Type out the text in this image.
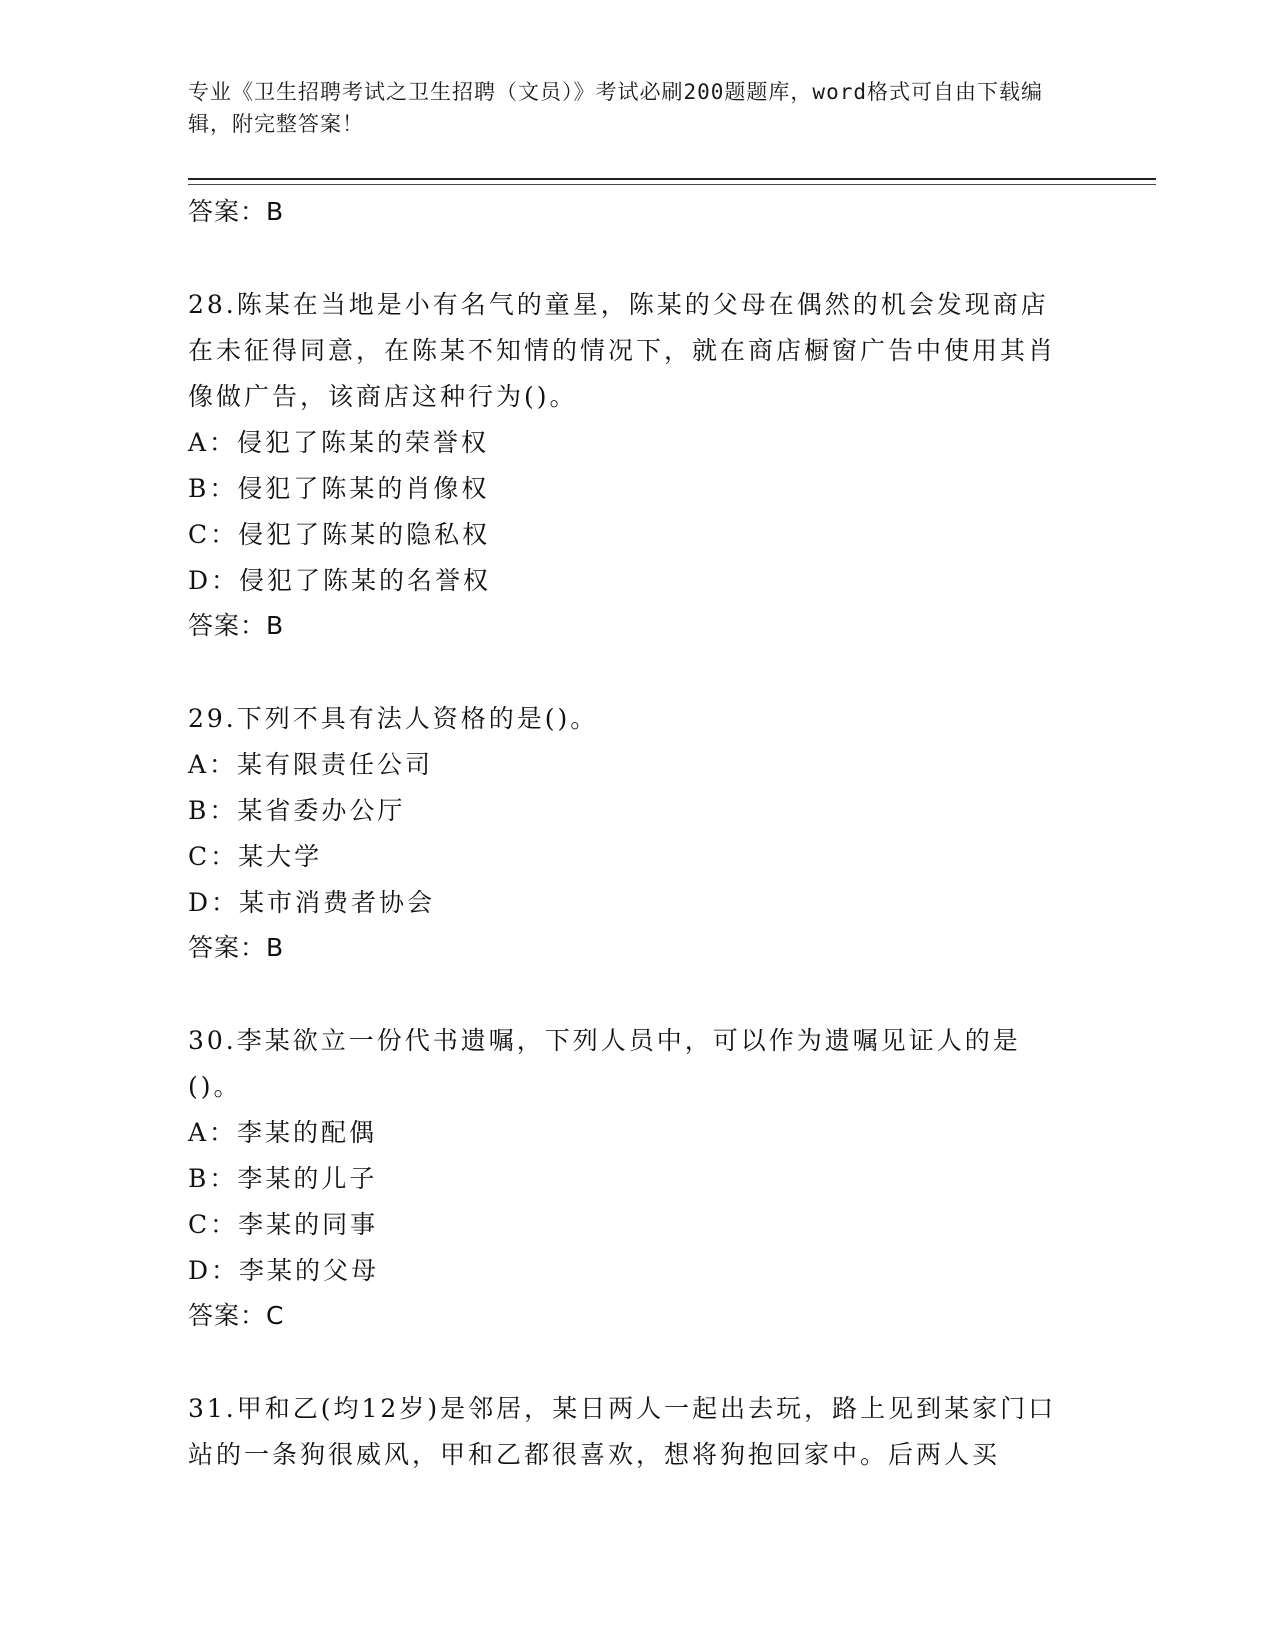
专业《卫生招聘考试之卫生招聘（文员）》考试必刷200题题库，word格式可自由下载编辑，附完整答案！
答案：B
28.陈某在当地是小有名气的童星，陈某的父母在偶然的机会发现商店在未征得同意，在陈某不知情的情况下，就在商店橱窗广告中使用其肖像做广告，该商店这种行为()。
A：侵犯了陈某的荣誉权
B：侵犯了陈某的肖像权
C：侵犯了陈某的隐私权
D：侵犯了陈某的名誉权
答案：B
29.下列不具有法人资格的是()。
A：某有限责任公司
B：某省委办公厅
C：某大学
D：某市消费者协会
答案：B
30.李某欲立一份代书遗嘱，下列人员中，可以作为遗嘱见证人的是()。
A：李某的配偶
B：李某的儿子
C：李某的同事
D：李某的父母
答案：C
31.甲和乙(均12岁)是邻居，某日两人一起出去玩，路上见到某家门口站的一条狗很威风，甲和乙都很喜欢，想将狗抱回家中。后两人买
